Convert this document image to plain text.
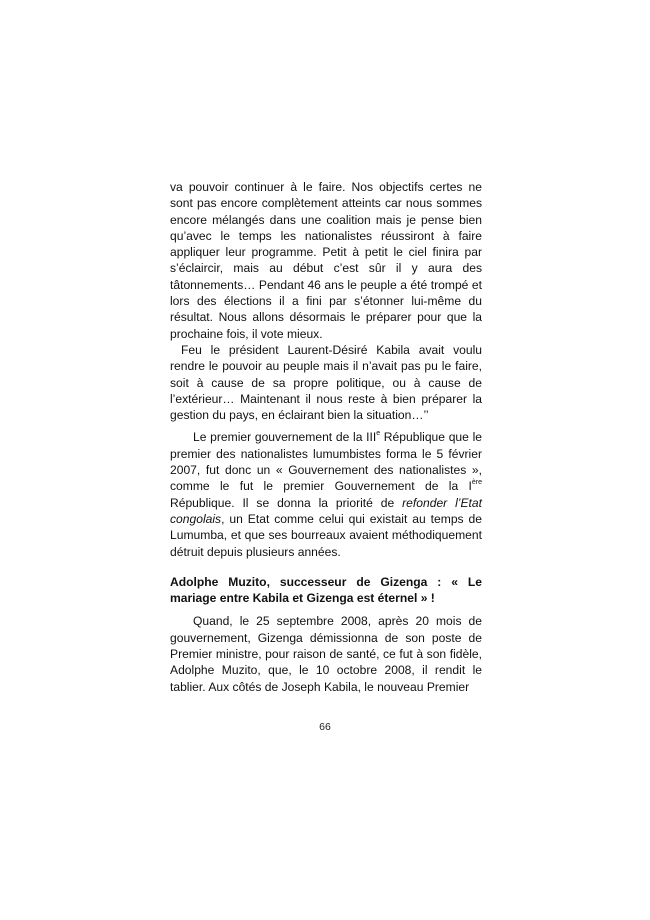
va pouvoir continuer à le faire. Nos objectifs certes ne sont pas encore complètement atteints car nous sommes encore mélangés dans une coalition mais je pense bien qu’avec le temps les nationalistes réussiront à faire appliquer leur programme. Petit à petit le ciel finira par s’éclaircir, mais au début c’est sûr il y aura des tâtonnements… Pendant 46 ans le peuple a été trompé et lors des élections il a fini par s’étonner lui-même du résultat. Nous allons désormais le préparer pour que la prochaine fois, il vote mieux.

Feu le président Laurent-Désiré Kabila avait voulu rendre le pouvoir au peuple mais il n’avait pas pu le faire, soit à cause de sa propre politique, ou à cause de l’extérieur… Maintenant il nous reste à bien préparer la gestion du pays, en éclairant bien la situation…’’

Le premier gouvernement de la IIIe République que le premier des nationalistes lumumbistes forma le 5 février 2007, fut donc un « Gouvernement des nationalistes », comme le fut le premier Gouvernement de la Ière République. Il se donna la priorité de refonder l’Etat congolais, un Etat comme celui qui existait au temps de Lumumba, et que ses bourreaux avaient méthodiquement détruit depuis plusieurs années.

Adolphe Muzito, successeur de Gizenga : « Le mariage entre Kabila et Gizenga est éternel » !

Quand, le 25 septembre 2008, après 20 mois de gouvernement, Gizenga démissionna de son poste de Premier ministre, pour raison de santé, ce fut à son fidèle, Adolphe Muzito, que, le 10 octobre 2008, il rendit le tablier. Aux côtés de Joseph Kabila, le nouveau Premier

66
